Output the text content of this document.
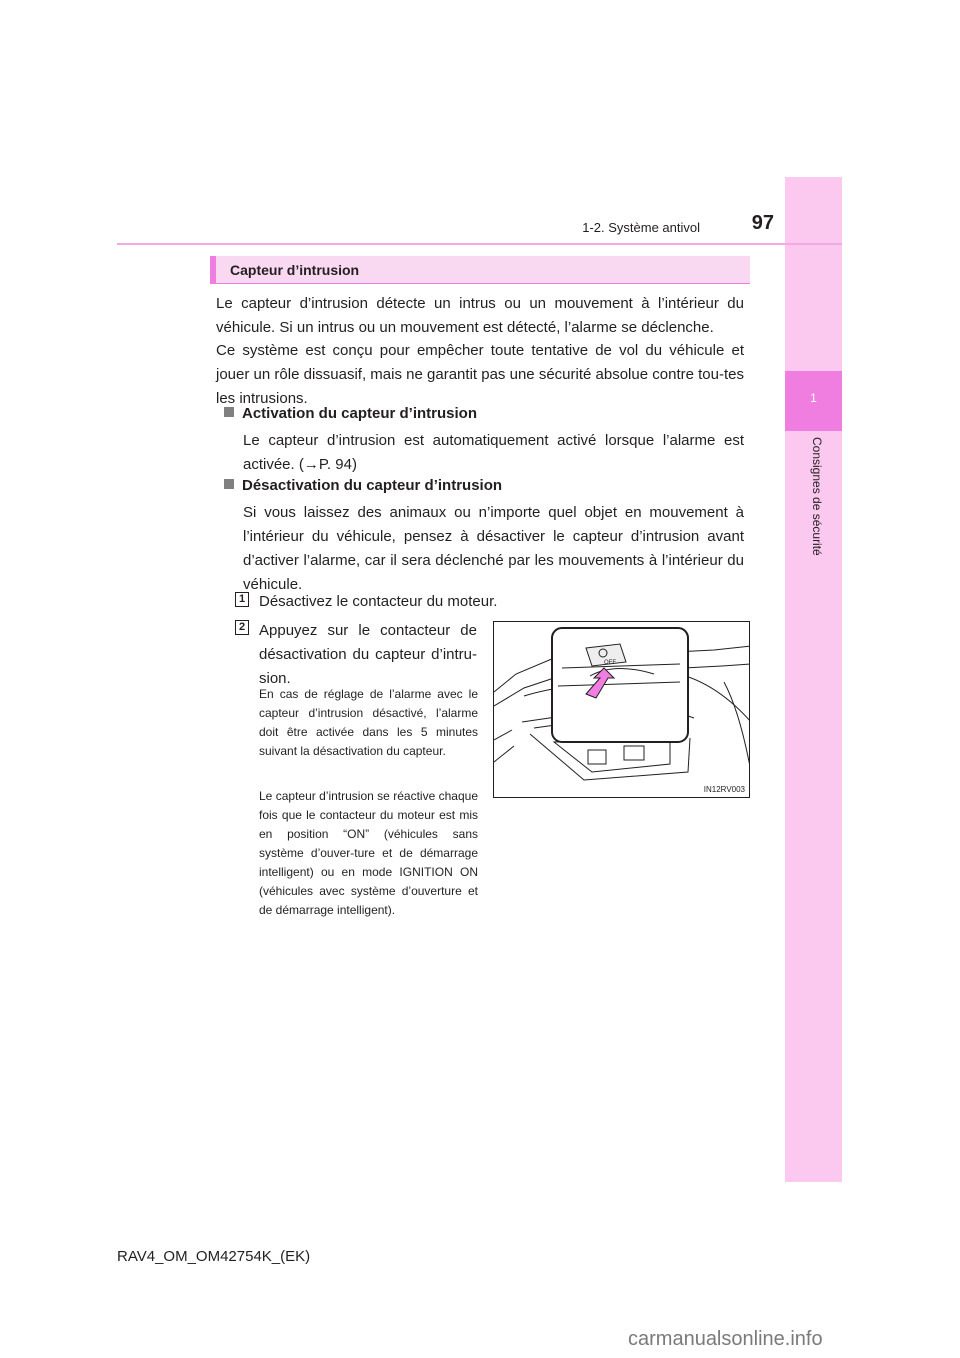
1
Consignes de sécurité
1-2. Système antivol	97
Capteur d’intrusion

Le capteur d’intrusion détecte un intrus ou un mouvement à l’intérieur du véhicule. Si un intrus ou un mouvement est détecté, l’alarme se déclenche.

Ce système est conçu pour empêcher toute tentative de vol du véhicule et jouer un rôle dissuasif, mais ne garantit pas une sécurité absolue contre tou-tes les intrusions.

Activation du capteur d’intrusion

Le capteur d’intrusion est automatiquement activé lorsque l’alarme est activée. (→P. 94)

Désactivation du capteur d’intrusion

Si vous laissez des animaux ou n’importe quel objet en mouvement à l’intérieur du véhicule, pensez à désactiver le capteur d’intrusion avant d’activer l’alarme, car il sera déclenché par les mouvements à l’intérieur du véhicule.

1 Désactivez le contacteur du moteur.
2 Appuyez sur le contacteur de désactivation du capteur d’intru-sion.

En cas de réglage de l’alarme avec le capteur d’intrusion désactivé, l’alarme doit être activée dans les 5 minutes suivant la désactivation du capteur.

Le capteur d’intrusion se réactive chaque fois que le contacteur du moteur est mis en position “ON” (véhicules sans système d’ouver-ture et de démarrage intelligent) ou en mode IGNITION ON (véhicules avec système d’ouverture et de démarrage intelligent).

OFF
IN12RV003
RAV4_OM_OM42754K_(EK)
carmanualsonline.info
